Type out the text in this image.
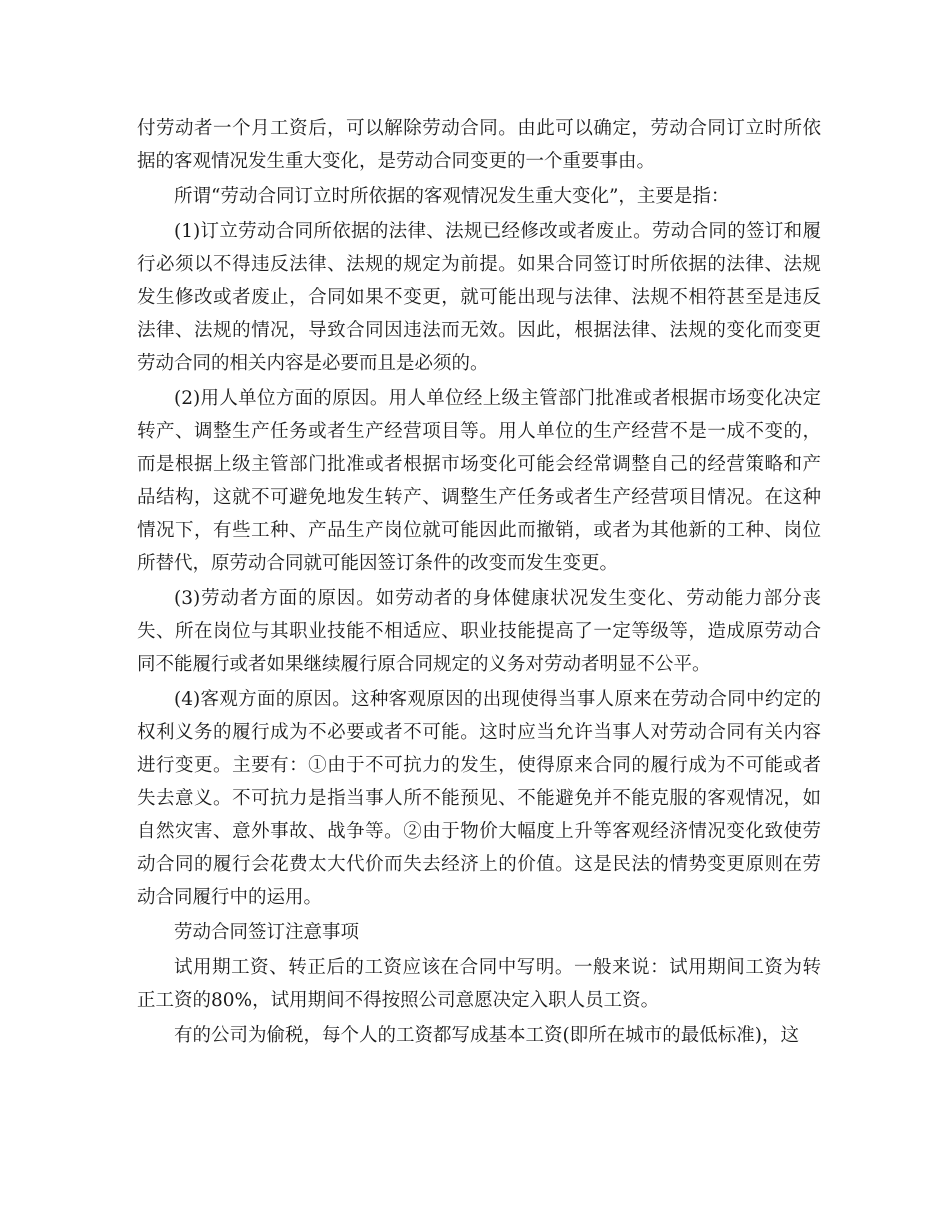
付劳动者一个月工资后，可以解除劳动合同。由此可以确定，劳动合同订立时所依据的客观情况发生重大变化，是劳动合同变更的一个重要事由。

所谓“劳动合同订立时所依据的客观情况发生重大变化”，主要是指：

(1)订立劳动合同所依据的法律、法规已经修改或者废止。劳动合同的签订和履行必须以不得违反法律、法规的规定为前提。如果合同签订时所依据的法律、法规发生修改或者废止，合同如果不变更，就可能出现与法律、法规不相符甚至是违反法律、法规的情况，导致合同因违法而无效。因此，根据法律、法规的变化而变更劳动合同的相关内容是必要而且是必须的。

(2)用人单位方面的原因。用人单位经上级主管部门批准或者根据市场变化决定转产、调整生产任务或者生产经营项目等。用人单位的生产经营不是一成不变的，而是根据上级主管部门批准或者根据市场变化可能会经常调整自己的经营策略和产品结构，这就不可避免地发生转产、调整生产任务或者生产经营项目情况。在这种情况下，有些工种、产品生产岗位就可能因此而撤销，或者为其他新的工种、岗位所替代，原劳动合同就可能因签订条件的改变而发生变更。

(3)劳动者方面的原因。如劳动者的身体健康状况发生变化、劳动能力部分丧失、所在岗位与其职业技能不相适应、职业技能提高了一定等级等，造成原劳动合同不能履行或者如果继续履行原合同规定的义务对劳动者明显不公平。

(4)客观方面的原因。这种客观原因的出现使得当事人原来在劳动合同中约定的权利义务的履行成为不必要或者不可能。这时应当允许当事人对劳动合同有关内容进行变更。主要有：①由于不可抗力的发生，使得原来合同的履行成为不可能或者失去意义。不可抗力是指当事人所不能预见、不能避免并不能克服的客观情况，如自然灾害、意外事故、战争等。②由于物价大幅度上升等客观经济情况变化致使劳动合同的履行会花费太大代价而失去经济上的价值。这是民法的情势变更原则在劳动合同履行中的运用。

劳动合同签订注意事项

试用期工资、转正后的工资应该在合同中写明。一般来说：试用期间工资为转正工资的80%，试用期间不得按照公司意愿决定入职人员工资。

有的公司为偷税，每个人的工资都写成基本工资(即所在城市的最低标准)，这
